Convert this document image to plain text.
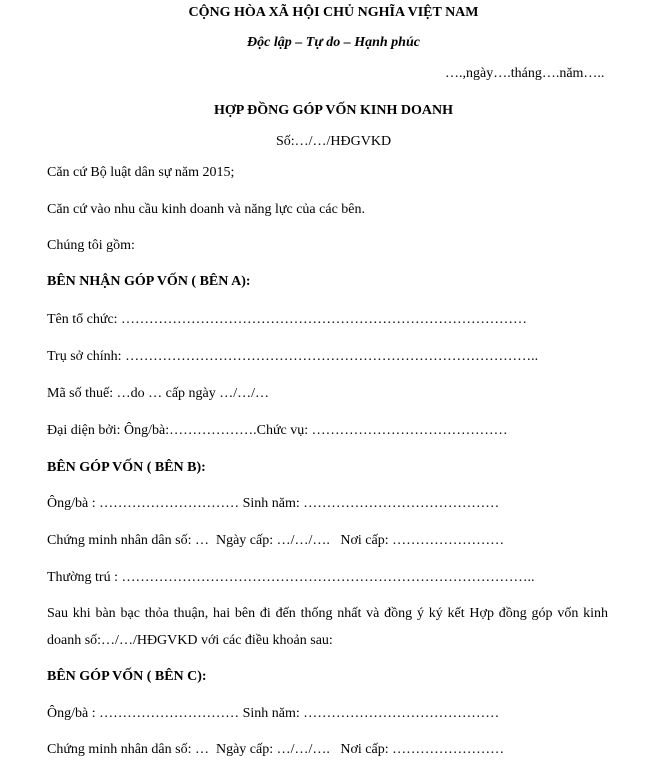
CỘNG HÒA XÃ HỘI CHỦ NGHĨA VIỆT NAM
Độc lập – Tự do – Hạnh phúc
….,ngày….tháng….năm…..
HỢP ĐỒNG GÓP VỐN KINH DOANH
Số:…/…/HĐGVKD
Căn cứ Bộ luật dân sự năm 2015;
Căn cứ vào nhu cầu kinh doanh và năng lực của các bên.
Chúng tôi gồm:
BÊN NHẬN GÓP VỐN ( BÊN A):
Tên tổ chức: ……………………………………………………………………………
Trụ sở chính: ……………………………………………………………………………..
Mã số thuế: …do … cấp ngày …/…/…
Đại diện bởi: Ông/bà:……………….Chức vụ: ……………………………………
BÊN GÓP VỐN ( BÊN B):
Ông/bà : ………………………… Sinh năm: ……………………………………
Chứng minh nhân dân số: …  Ngày cấp: …/…/….   Nơi cấp: ……………………
Thường trú : ……………………………………………………………………………..
Sau khi bàn bạc thỏa thuận, hai bên đi đến thống nhất và đồng ý ký kết Hợp đồng góp vốn kinh
doanh số:…/…/HĐGVKD với các điều khoản sau:
BÊN GÓP VỐN ( BÊN C):
Ông/bà : ………………………… Sinh năm: ……………………………………
Chứng minh nhân dân số: …  Ngày cấp: …/…/….   Nơi cấp: ……………………
